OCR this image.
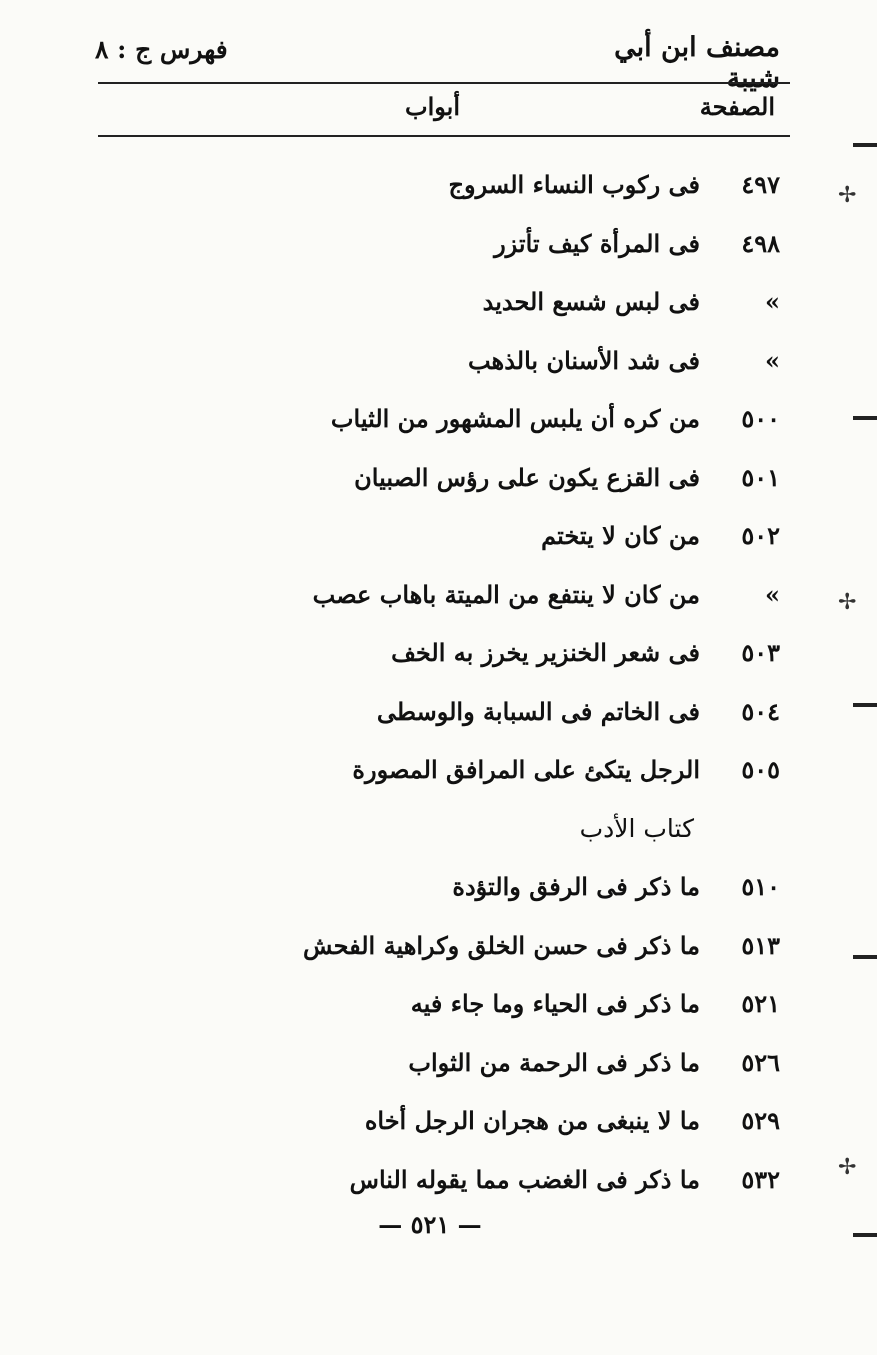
مصنف ابن أبي شيبة
فهرس ج : ٨
الصفحة
أبواب
٤٩٧
فى ركوب النساء السروج
٤٩٨
فى المرأة كيف تأتزر
»
فى لبس شسع الحديد
»
فى شد الأسنان بالذهب
٥٠٠
من كره أن يلبس المشهور من الثياب
٥٠١
فى القزع يكون على رؤس الصبيان
٥٠٢
من كان لا يتختم
»
من كان لا ينتفع من الميتة باهاب عصب
٥٠٣
فى شعر الخنزير يخرز به الخف
٥٠٤
فى الخاتم فى السبابة والوسطى
٥٠٥
الرجل يتكئ على المرافق المصورة
كتاب الأدب
٥١٠
ما ذكر فى الرفق والتؤدة
٥١٣
ما ذكر فى حسن الخلق وكراهية الفحش
٥٢١
ما ذكر فى الحياء وما جاء فيه
٥٢٦
ما ذكر فى الرحمة من الثواب
٥٢٩
ما لا ينبغى من هجران الرجل أخاه
٥٣٢
ما ذكر فى الغضب مما يقوله الناس
— ٥٢١ —
✢
✢
✢
